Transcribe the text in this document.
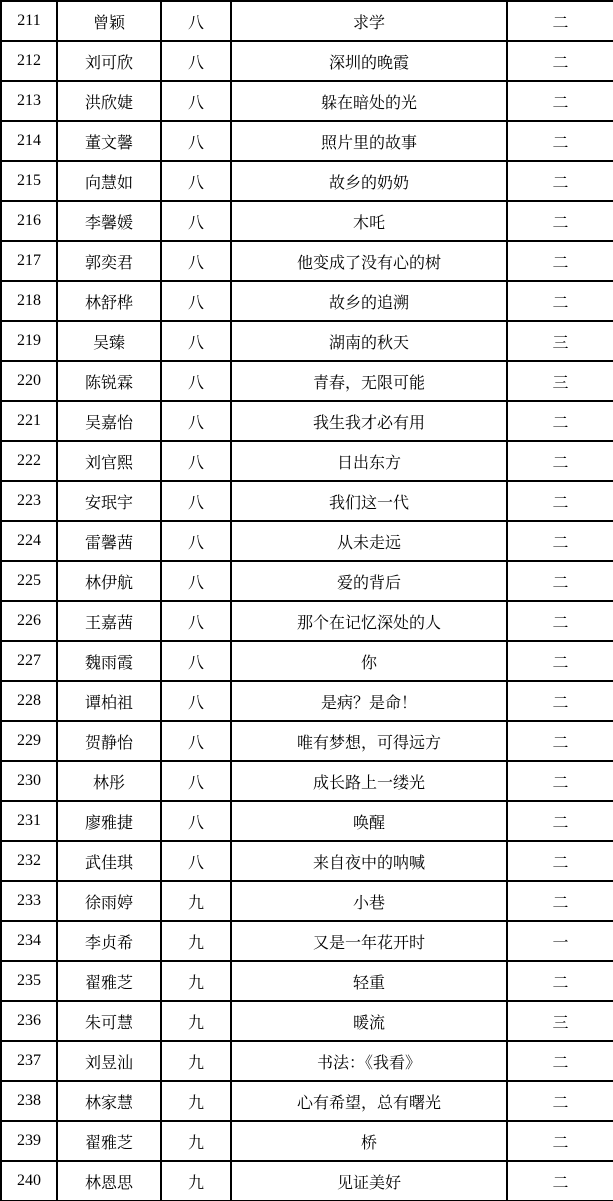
211	曾颖	八	求学	二
212	刘可欣	八	深圳的晚霞	二
213	洪欣婕	八	躲在暗处的光	二
214	董文馨	八	照片里的故事	二
215	向慧如	八	故乡的奶奶	二
216	李馨媛	八	木吒	二
217	郭奕君	八	他变成了没有心的树	二
218	林舒桦	八	故乡的追溯	二
219	吴臻	八	湖南的秋天	三
220	陈锐霖	八	青春，无限可能	三
221	吴嘉怡	八	我生我才必有用	二
222	刘官熙	八	日出东方	二
223	安珉宇	八	我们这一代	二
224	雷馨茜	八	从未走远	二
225	林伊航	八	爱的背后	二
226	王嘉茜	八	那个在记忆深处的人	二
227	魏雨霞	八	你	二
228	谭柏祖	八	是病？是命！	二
229	贺静怡	八	唯有梦想，可得远方	二
230	林彤	八	成长路上一缕光	二
231	廖雅捷	八	唤醒	二
232	武佳琪	八	来自夜中的呐喊	二
233	徐雨婷	九	小巷	二
234	李贞希	九	又是一年花开时	一
235	翟雅芝	九	轻重	二
236	朱可慧	九	暖流	三
237	刘昱汕	九	书法：《我看》	二
238	林家慧	九	心有希望，总有曙光	二
239	翟雅芝	九	桥	二
240	林恩思	九	见证美好	二
